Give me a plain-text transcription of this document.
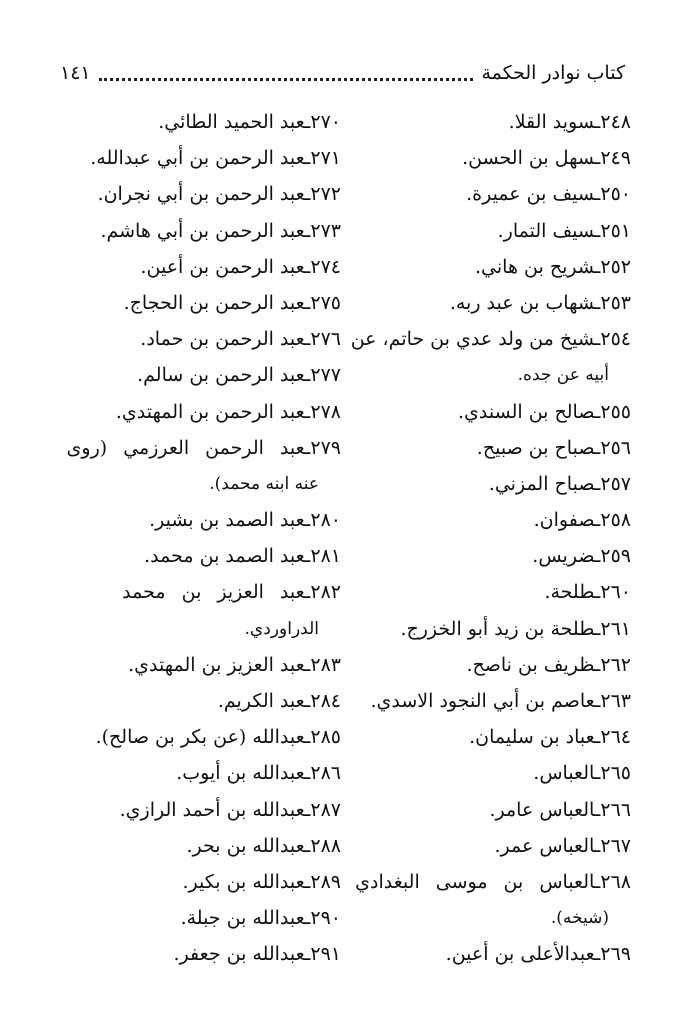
كتاب نوادر الحكمة
١٤١
٢٤٨ـسويد القلا.
٢٤٩ـسهل بن الحسن.
٢٥٠ـسيف بن عميرة.
٢٥١ـسيف التمار.
٢٥٢ـشريح بن هاني.
٢٥٣ـشهاب بن عبد ربه.
٢٥٤ـشيخ من ولد عدي بن حاتم، عن
أبيه عن جده.
٢٥٥ـصالح بن السندي.
٢٥٦ـصباح بن صبيح.
٢٥٧ـصباح المزني.
٢٥٨ـصفوان.
٢٥٩ـضريس.
٢٦٠ـطلحة.
٢٦١ـطلحة بن زيد أبو الخزرج.
٢٦٢ـظريف بن ناصح.
٢٦٣ـعاصم بن أبي النجود الاسدي.
٢٦٤ـعباد بن سليمان.
٢٦٥ـالعباس.
٢٦٦ـالعباس عامر.
٢٦٧ـالعباس عمر.
٢٦٨ـالعباس بن موسى البغدادي
(شيخه).
٢٦٩ـعبدالأعلى بن أعين.
٢٧٠ـعبد الحميد الطائي.
٢٧١ـعبد الرحمن بن أبي عبدالله.
٢٧٢ـعبد الرحمن بن أبي نجران.
٢٧٣ـعبد الرحمن بن أبي هاشم.
٢٧٤ـعبد الرحمن بن أعين.
٢٧٥ـعبد الرحمن بن الحجاج.
٢٧٦ـعبد الرحمن بن حماد.
٢٧٧ـعبد الرحمن بن سالم.
٢٧٨ـعبد الرحمن بن المهتدي.
٢٧٩ـعبد الرحمن العرزمي (روى
عنه ابنه محمد).
٢٨٠ـعبد الصمد بن بشير.
٢٨١ـعبد الصمد بن محمد.
٢٨٢ـعبد العزيز بن محمد
الدراوردي.
٢٨٣ـعبد العزيز بن المهتدي.
٢٨٤ـعبد الكريم.
٢٨٥ـعبدالله (عن بكر بن صالح).
٢٨٦ـعبدالله بن أيوب.
٢٨٧ـعبدالله بن أحمد الرازي.
٢٨٨ـعبدالله بن بحر.
٢٨٩ـعبدالله بن بكير.
٢٩٠ـعبدالله بن جبلة.
٢٩١ـعبدالله بن جعفر.
